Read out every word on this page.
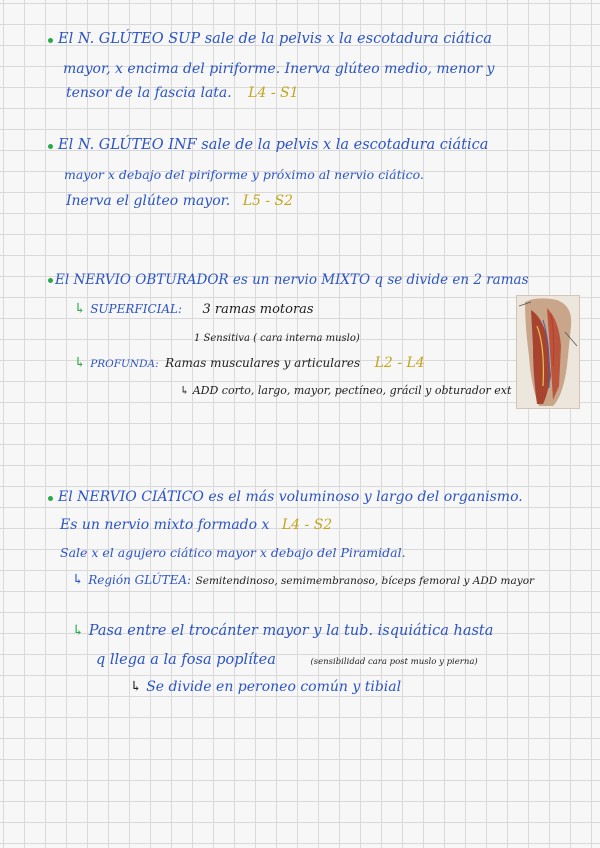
El N. GLÚTEO SUP sale de la pelvis x la escotadura ciática
mayor, x encima del piriforme. Inerva glúteo medio, menor y
tensor de la fascia lata. L4 - S1
El N. GLÚTEO INF sale de la pelvis x la escotadura ciática
mayor x debajo del piriforme y próximo al nervio ciático.
Inerva el glúteo mayor. L5 - S2
El NERVIO OBTURADOR es un nervio MIXTO q se divide en 2 ramas
↳ SUPERFICIAL: 3 ramas motoras
1 Sensitiva ( cara interna muslo)
↳ PROFUNDA: Ramas musculares y articulares L2 - L4
↳ ADD corto, largo, mayor, pectíneo, grácil y obturador ext
El NERVIO CIÁTICO es el más voluminoso y largo del organismo.
Es un nervio mixto formado x L4 - S2
Sale x el agujero ciático mayor x debajo del Piramidal.
↳ Región GLÚTEA: Semitendinoso, semimembranoso, bíceps femoral y ADD mayor
↳ Pasa entre el trocánter mayor y la tub. isquiática hasta
q llega a la fosa poplítea	(sensibilidad cara post muslo y pierna)
↳ Se divide en peroneo común y tibial
